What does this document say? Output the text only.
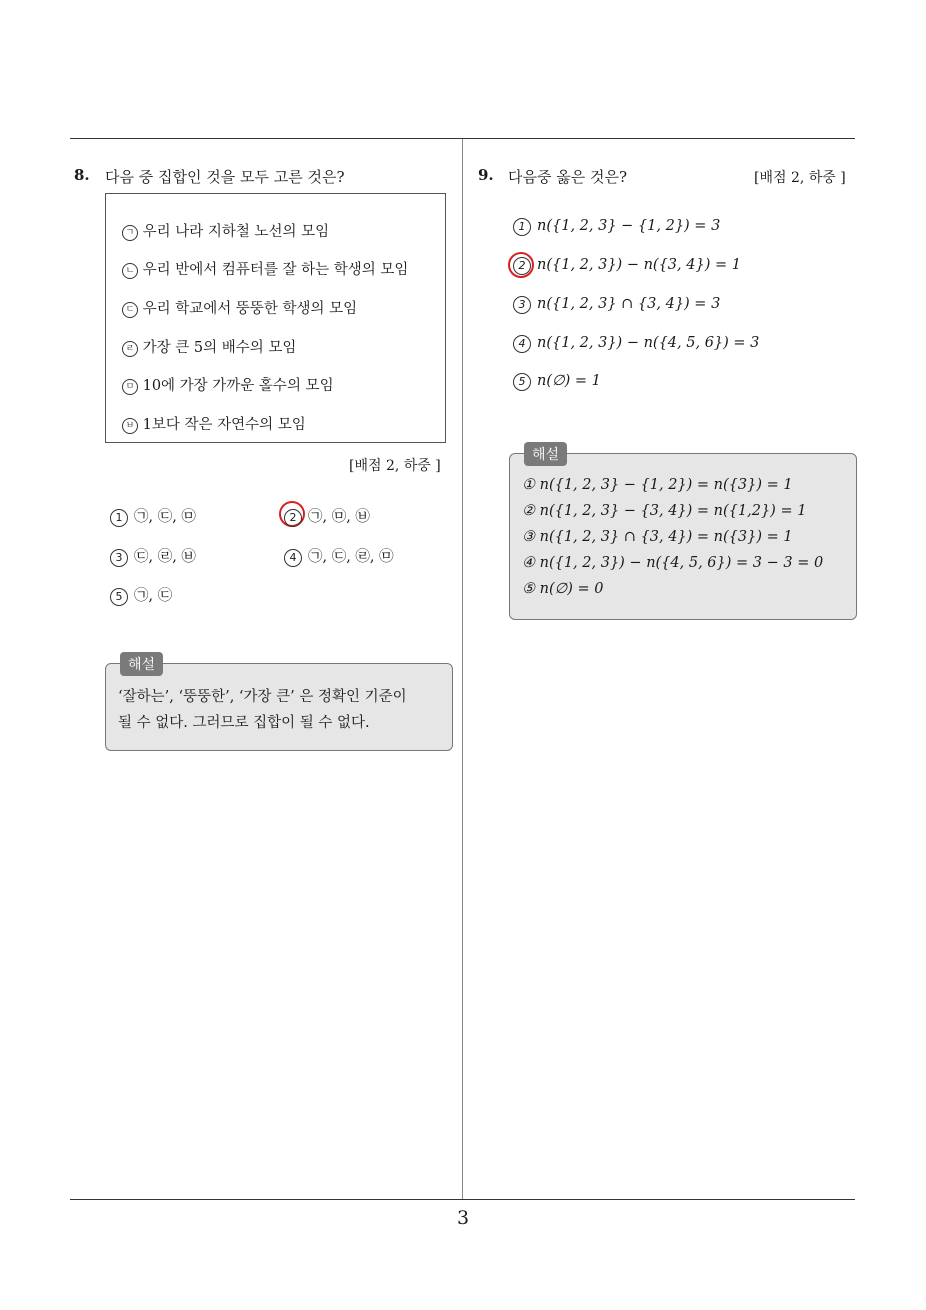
3
8. 다음 중 집합인 것을 모두 고른 것은?
ㄱ 우리 나라 지하철 노선의 모임
ㄴ 우리 반에서 컴퓨터를 잘 하는 학생의 모임
ㄷ 우리 학교에서 뚱뚱한 학생의 모임
ㄹ 가장 큰 5의 배수의 모임
ㅁ 10에 가장 가까운 홀수의 모임
ㅂ 1보다 작은 자연수의 모임
[배점 2, 하중 ]
1 ㉠, ㉢, ㉤	2 ㉠, ㉤, ㉥
3 ㉢, ㉣, ㉥	4 ㉠, ㉢, ㉣, ㉤
5 ㉠, ㉢
해설
‘잘하는’, ‘뚱뚱한’, ‘가장 큰’ 은 정확인 기준이
될 수 없다. 그러므로 집합이 될 수 없다.
9. 다음중 옳은 것은?	[배점 2, 하중 ]
1 n({1, 2, 3} − {1, 2}) = 3
2 n({1, 2, 3}) − n({3, 4}) = 1
3 n({1, 2, 3} ∩ {3, 4}) = 3
4 n({1, 2, 3}) − n({4, 5, 6}) = 3
5 n(∅) = 1
해설
① n({1, 2, 3} − {1, 2}) = n({3}) = 1
② n({1, 2, 3} − {3, 4}) = n({1,2}) = 1
③ n({1, 2, 3} ∩ {3, 4}) = n({3}) = 1
④ n({1, 2, 3}) − n({4, 5, 6}) = 3 − 3 = 0
⑤ n(∅) = 0
